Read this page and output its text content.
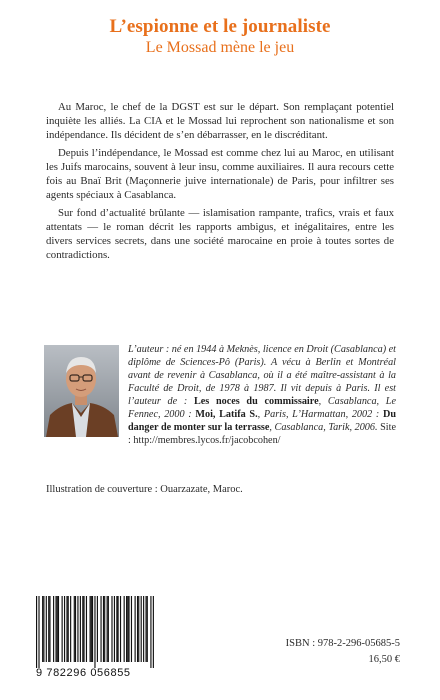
L’espionne et le journaliste
Le Mossad mène le jeu

Au Maroc, le chef de la DGST est sur le départ. Son remplaçant potentiel inquiète les alliés. La CIA et le Mossad lui reprochent son nationalisme et son indépendance. Ils décident de s’en débarrasser, en le discréditant.

Depuis l’indépendance, le Mossad est comme chez lui au Maroc, en utilisant les Juifs marocains, souvent à leur insu, comme auxiliaires. Il aura recours cette fois au Bnaï Brit (Maçonnerie juive internationale) de Paris, pour infiltrer ses agents spéciaux à Casablanca.

Sur fond d’actualité brûlante — islamisation rampante, trafics, vrais et faux attentats — le roman décrit les rapports ambigus, et inégalitaires, entre les divers services secrets, dans une société marocaine en proie à toutes sortes de contradictions.

L’auteur : né en 1944 à Meknès, licence en Droit (Casablanca) et diplôme de Sciences-Pô (Paris). A vécu à Berlin et Montréal avant de revenir à Casablanca, où il a été maître-assistant à la Faculté de Droit, de 1978 à 1987. Il vit depuis à Paris. Il est l’auteur de : Les noces du commissaire, Casablanca, Le Fennec, 2000 : Moi, Latifa S., Paris, L’Harmattan, 2002 : Du danger de monter sur la terrasse, Casablanca, Tarik, 2006. Site : http://membres.lycos.fr/jacobcohen/
Illustration de couverture : Ouarzazate, Maroc.
9 782296 056855
ISBN : 978-2-296-05685-5
16,50 €
